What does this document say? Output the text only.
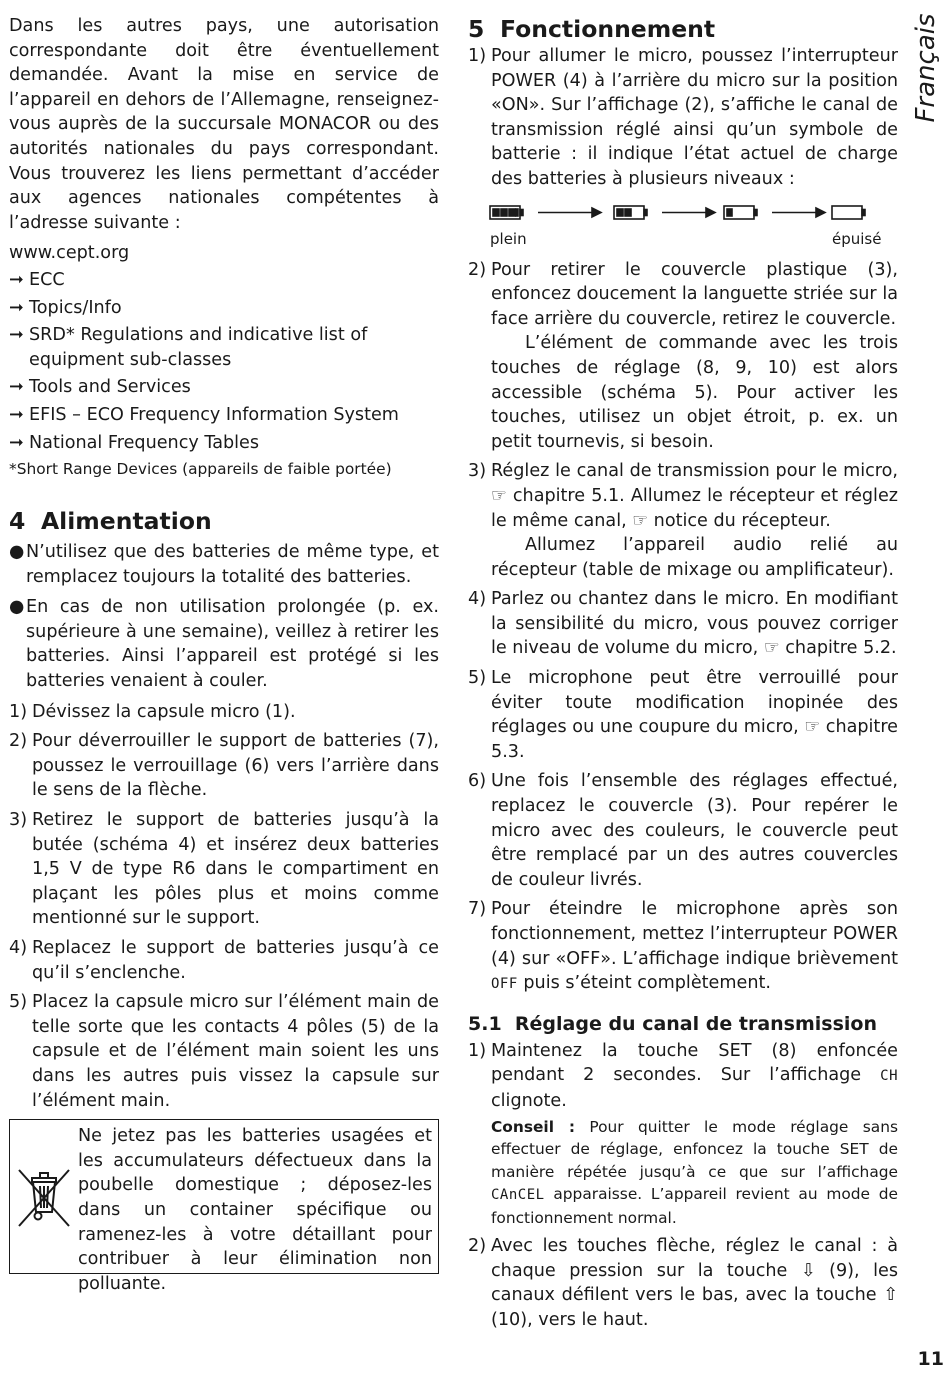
Dans les autres pays, une autorisation correspondante doit être éventuellement demandée. Avant la mise en service de l’appareil en dehors de l’Allemagne, renseignez-vous auprès de la succursale MONACOR ou des autorités nationales du pays correspondant. Vous trouverez les liens permettant d’accéder aux agences nationales compétentes à l’adresse suivante :

www.cept.org

➞ ECC
➞ Topics/Info
➞ SRD* Regulations and indicative list of equipment sub-classes
➞ Tools and Services
➞ EFIS – ECO Frequency Information System
➞ National Frequency Tables

*Short Range Devices (appareils de faible portée)

4 Alimentation
● N’utilisez que des batteries de même type, et remplacez toujours la totalité des batteries.
● En cas de non utilisation prolongée (p. ex. supérieure à une semaine), veillez à retirer les batteries. Ainsi l’appareil est protégé si les batteries venaient à couler.
1) Dévissez la capsule micro (1).
2) Pour déverrouiller le support de batteries (7), poussez le verrouillage (6) vers l’arrière dans le sens de la flèche.
3) Retirez le support de batteries jusqu’à la butée (schéma 4) et insérez deux batteries 1,5 V de type R6 dans le compartiment en plaçant les pôles plus et moins comme mentionné sur le support.
4) Replacez le support de batteries jusqu’à ce qu’il s’enclenche.
5) Placez la capsule micro sur l’élément main de telle sorte que les contacts 4 pôles (5) de la capsule et de l’élément main soient les uns dans les autres puis vissez la capsule sur l’élément main.

Ne jetez pas les batteries usagées et les accumulateurs défectueux dans la poubelle domestique ; déposez-les dans un container spécifique ou ramenez-les à votre détaillant pour contribuer à leur élimination non polluante.

5 Fonctionnement
1) Pour allumer le micro, poussez l’interrupteur POWER (4) à l’arrière du micro sur la position «ON». Sur l’affichage (2), s’affiche le canal de transmission réglé ainsi qu’un symbole de batterie : il indique l’état actuel de charge des batteries à plusieurs niveaux :
plein	épuisé
2) Pour retirer le couvercle plastique (3), enfoncez doucement la languette striée sur la face arrière du couvercle, retirez le couvercle.

L’élément de commande avec les trois touches de réglage (8, 9, 10) est alors accessible (schéma 5). Pour activer les touches, utilisez un objet étroit, p. ex. un petit tournevis, si besoin.

3) Réglez le canal de transmission pour le micro, ☞ chapitre 5.1. Allumez le récepteur et réglez le même canal, ☞ notice du récepteur.

Allumez l’appareil audio relié au récepteur (table de mixage ou amplificateur).

4) Parlez ou chantez dans le micro. En modifiant la sensibilité du micro, vous pouvez corriger le niveau de volume du micro, ☞ chapitre 5.2.
5) Le microphone peut être verrouillé pour éviter toute modification inopinée des réglages ou une coupure du micro, ☞ chapitre 5.3.
6) Une fois l’ensemble des réglages effectué, replacez le couvercle (3). Pour repérer le micro avec des couleurs, le couvercle peut être remplacé par un des autres couvercles de couleur livrés.
7) Pour éteindre le microphone après son fonctionnement, mettez l’interrupteur POWER (4) sur «OFF». L’affichage indique brièvement OFF puis s’éteint complètement.
5.1 Réglage du canal de transmission
1) Maintenez la touche SET (8) enfoncée pendant 2 secondes. Sur l’affichage CH clignote.

Conseil : Pour quitter le mode réglage sans effectuer de réglage, enfoncez la touche SET de manière répétée jusqu’à ce que sur l’affichage CAnCEL apparaisse. L’appareil revient au mode de fonctionnement normal.

2) Avec les touches flèche, réglez le canal : à chaque pression sur la touche ⇩ (9), les canaux défilent vers le bas, avec la touche ⇧ (10), vers le haut.
Français
11
